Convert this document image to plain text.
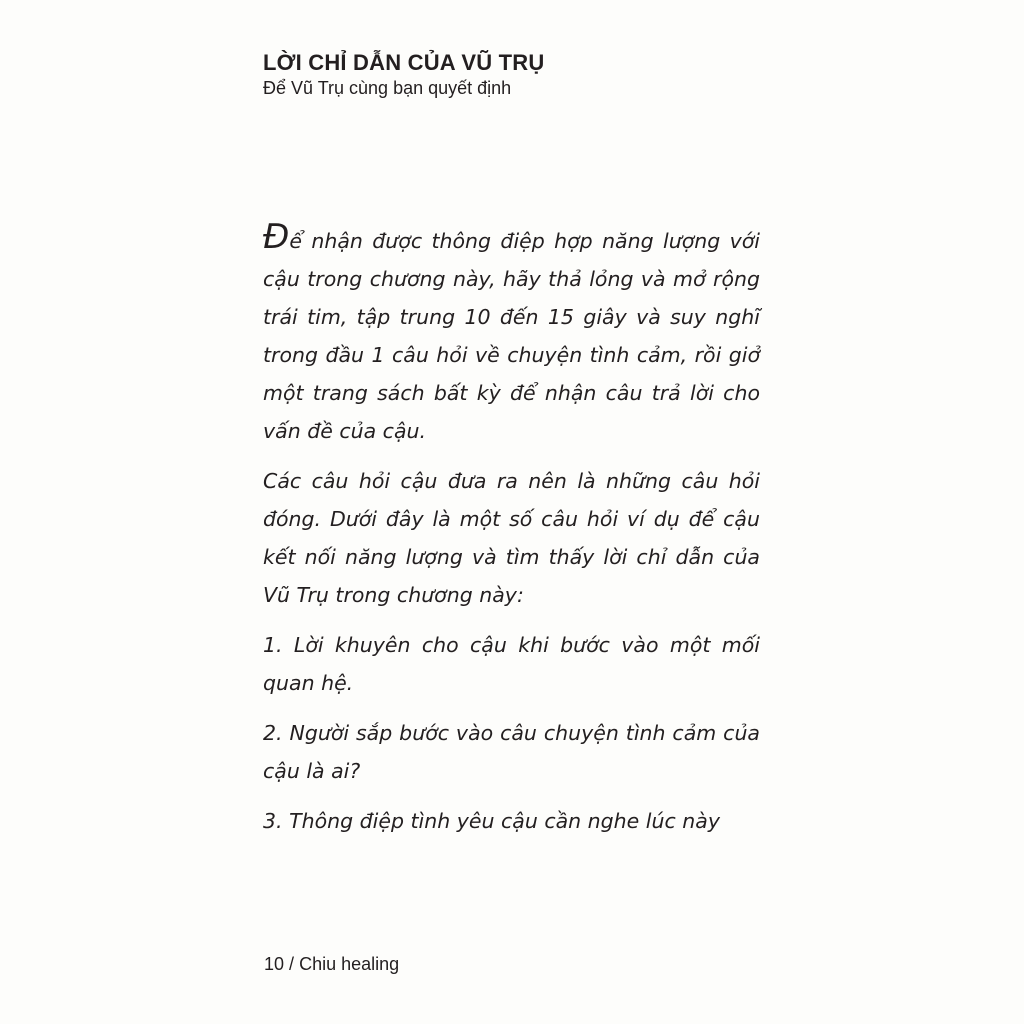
LỜI CHỈ DẪN CỦA VŨ TRỤ
Để Vũ Trụ cùng bạn quyết định

Để nhận được thông điệp hợp năng lượng với cậu trong chương này, hãy thả lỏng và mở rộng trái tim, tập trung 10 đến 15 giây và suy nghĩ trong đầu 1 câu hỏi về chuyện tình cảm, rồi giở một trang sách bất kỳ để nhận câu trả lời cho vấn đề của cậu.

Các câu hỏi cậu đưa ra nên là những câu hỏi đóng. Dưới đây là một số câu hỏi ví dụ để cậu kết nối năng lượng và tìm thấy lời chỉ dẫn của Vũ Trụ trong chương này:

1. Lời khuyên cho cậu khi bước vào một mối quan hệ.

2. Người sắp bước vào câu chuyện tình cảm của cậu là ai?

3. Thông điệp tình yêu cậu cần nghe lúc này

10 / Chiu healing
